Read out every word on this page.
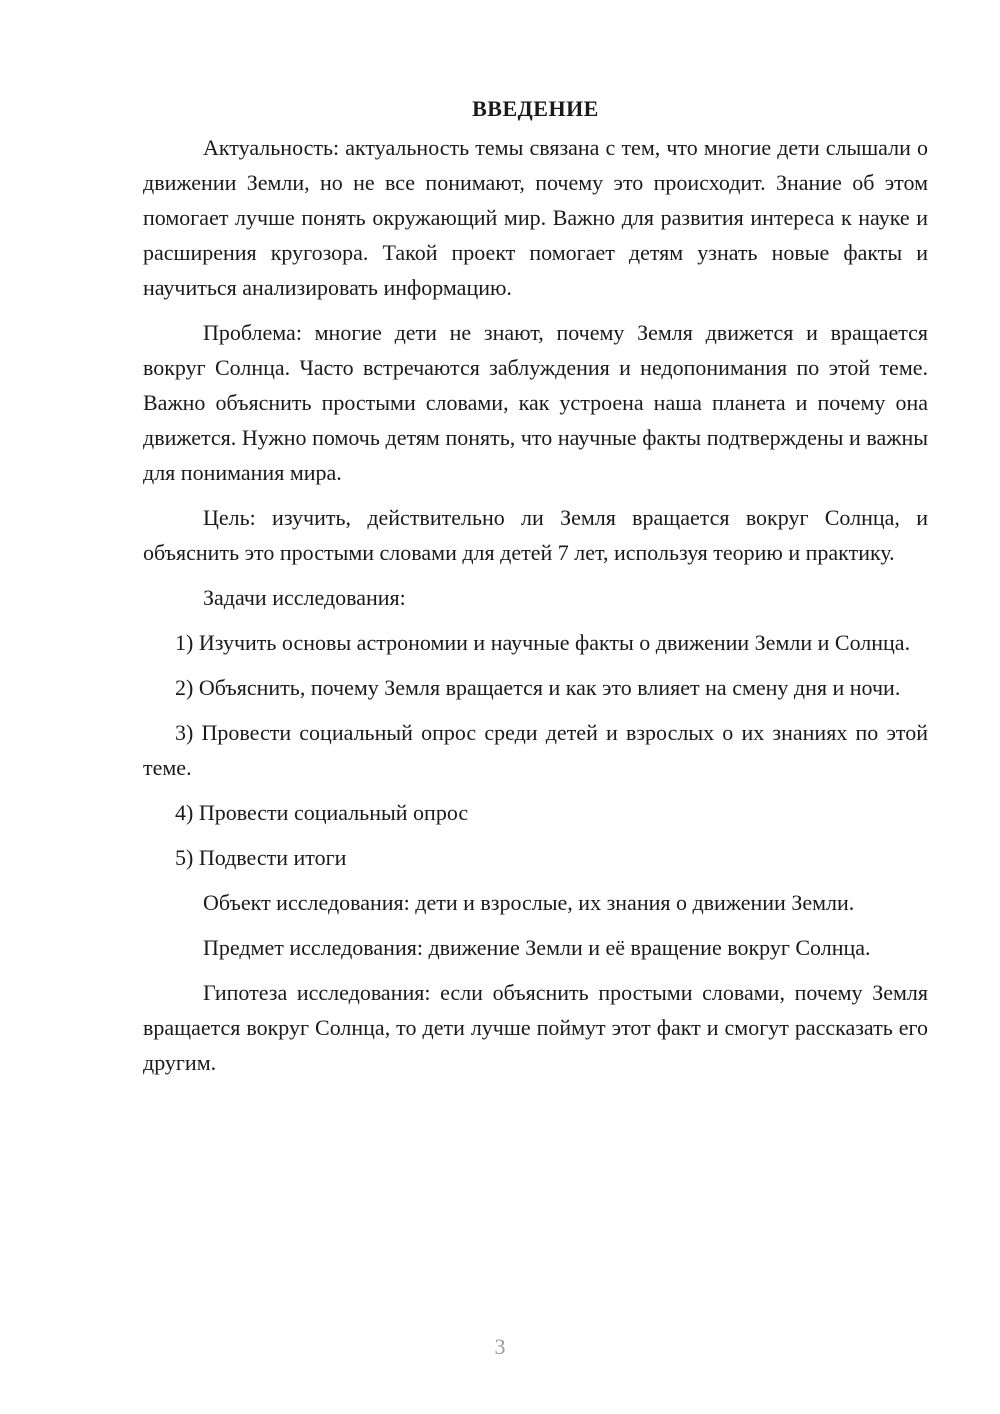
ВВЕДЕНИЕ

Актуальность: актуальность темы связана с тем, что многие дети слышали о движении Земли, но не все понимают, почему это происходит. Знание об этом помогает лучше понять окружающий мир. Важно для развития интереса к науке и расширения кругозора. Такой проект помогает детям узнать новые факты и научиться анализировать информацию.

Проблема: многие дети не знают, почему Земля движется и вращается вокруг Солнца. Часто встречаются заблуждения и недопонимания по этой теме. Важно объяснить простыми словами, как устроена наша планета и почему она движется. Нужно помочь детям понять, что научные факты подтверждены и важны для понимания мира.

Цель: изучить, действительно ли Земля вращается вокруг Солнца, и объяснить это простыми словами для детей 7 лет, используя теорию и практику.

Задачи исследования:

1) Изучить основы астрономии и научные факты о движении Земли и Солнца.

2) Объяснить, почему Земля вращается и как это влияет на смену дня и ночи.

3) Провести социальный опрос среди детей и взрослых о их знаниях по этой теме.

4) Провести социальный опрос

5) Подвести итоги

Объект исследования: дети и взрослые, их знания о движении Земли.

Предмет исследования: движение Земли и её вращение вокруг Солнца.

Гипотеза исследования: если объяснить простыми словами, почему Земля вращается вокруг Солнца, то дети лучше поймут этот факт и смогут рассказать его другим.

3
